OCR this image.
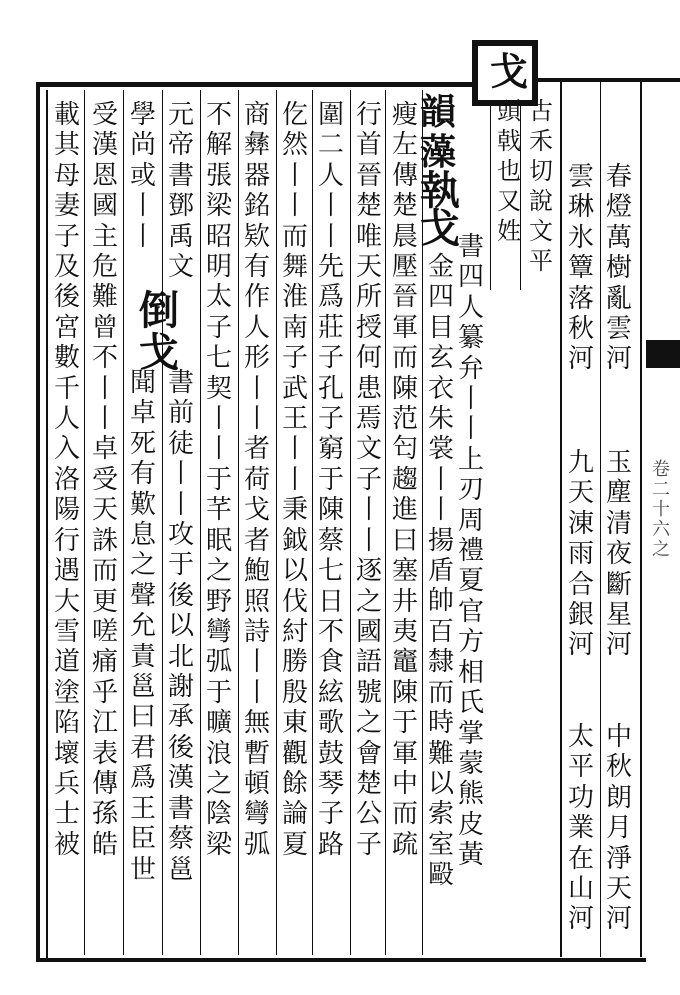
戈
卷二十六之
載其母妻子及後宮數千人入洛陽行遇大雪道塗陷壞兵士被
受漢恩國主危難曾不丨丨卓受天誅而更嗟痛乎江表傳孫皓
學尚或丨丨
聞卓死有歎息之聲允責邕曰君爲王臣世
元帝書鄧禹文
倒戈
書前徒丨丨攻于後以北謝承後漢書蔡邕
不解張梁昭明太子七契丨丨于芊眠之野彎弧于曠浪之陰梁
商彝器銘欵有作人形丨丨者荷戈者鮑照詩丨丨無暫頓彎弧
仡然丨丨而舞淮南子武王丨丨秉鉞以伐紂勝殷東觀餘論夏
圍二人丨丨先爲莊子孔子窮于陳蔡七日不食絃歌鼓琴子路
行首晉楚唯天所授何患焉文子丨丨逐之國語號之會楚公子
瘦左傳楚晨壓晉軍而陳范匄趨進曰塞井夷竈陳于軍中而疏
韻藻
執戈
金四目玄衣朱裳丨丨揚盾帥百隸而時難以索室毆
書四人纂弁丨丨上刃周禮夏官方相氏掌蒙熊皮黃
頭戟也又姓
古禾切說文平
雲琳氷簟落秋河
九天涷雨合銀河
太平功業在山河
春燈萬樹亂雲河
玉塵清夜斷星河
中秋朗月淨天河
